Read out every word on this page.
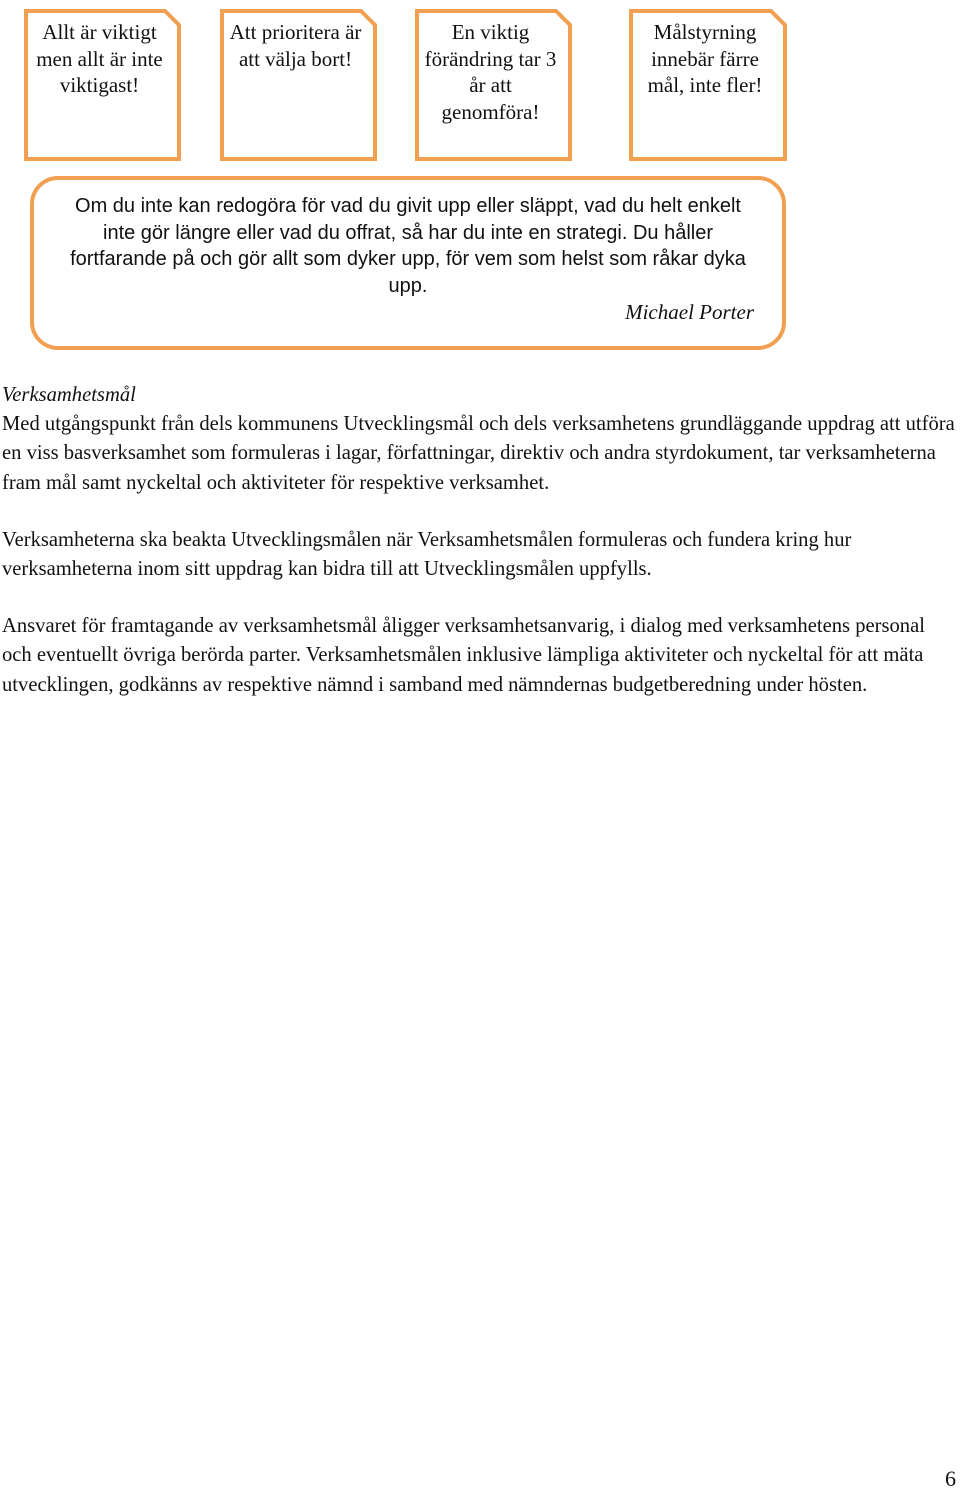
Allt är viktigt men allt är inte viktigast!
Att prioritera är att välja bort!
En viktig förändring tar 3 år att genomföra!
Målstyrning innebär färre mål, inte fler!
Om du inte kan redogöra för vad du givit upp eller släppt, vad du helt enkelt inte gör längre eller vad du offrat, så har du inte en strategi. Du håller fortfarande på och gör allt som dyker upp, för vem som helst som råkar dyka upp.
Michael Porter

Verksamhetsmål

Med utgångspunkt från dels kommunens Utvecklingsmål och dels verksamhetens grundläggande uppdrag att utföra en viss basverksamhet som formuleras i lagar, författningar, direktiv och andra styrdokument, tar verksamheterna fram mål samt nyckeltal och aktiviteter för respektive verksamhet.

Verksamheterna ska beakta Utvecklingsmålen när Verksamhetsmålen formuleras och fundera kring hur verksamheterna inom sitt uppdrag kan bidra till att Utvecklingsmålen uppfylls.

Ansvaret för framtagande av verksamhetsmål åligger verksamhetsanvarig, i dialog med verksamhetens personal och eventuellt övriga berörda parter. Verksamhetsmålen inklusive lämpliga aktiviteter och nyckeltal för att mäta utvecklingen, godkänns av respektive nämnd i samband med nämndernas budgetberedning under hösten.

6
